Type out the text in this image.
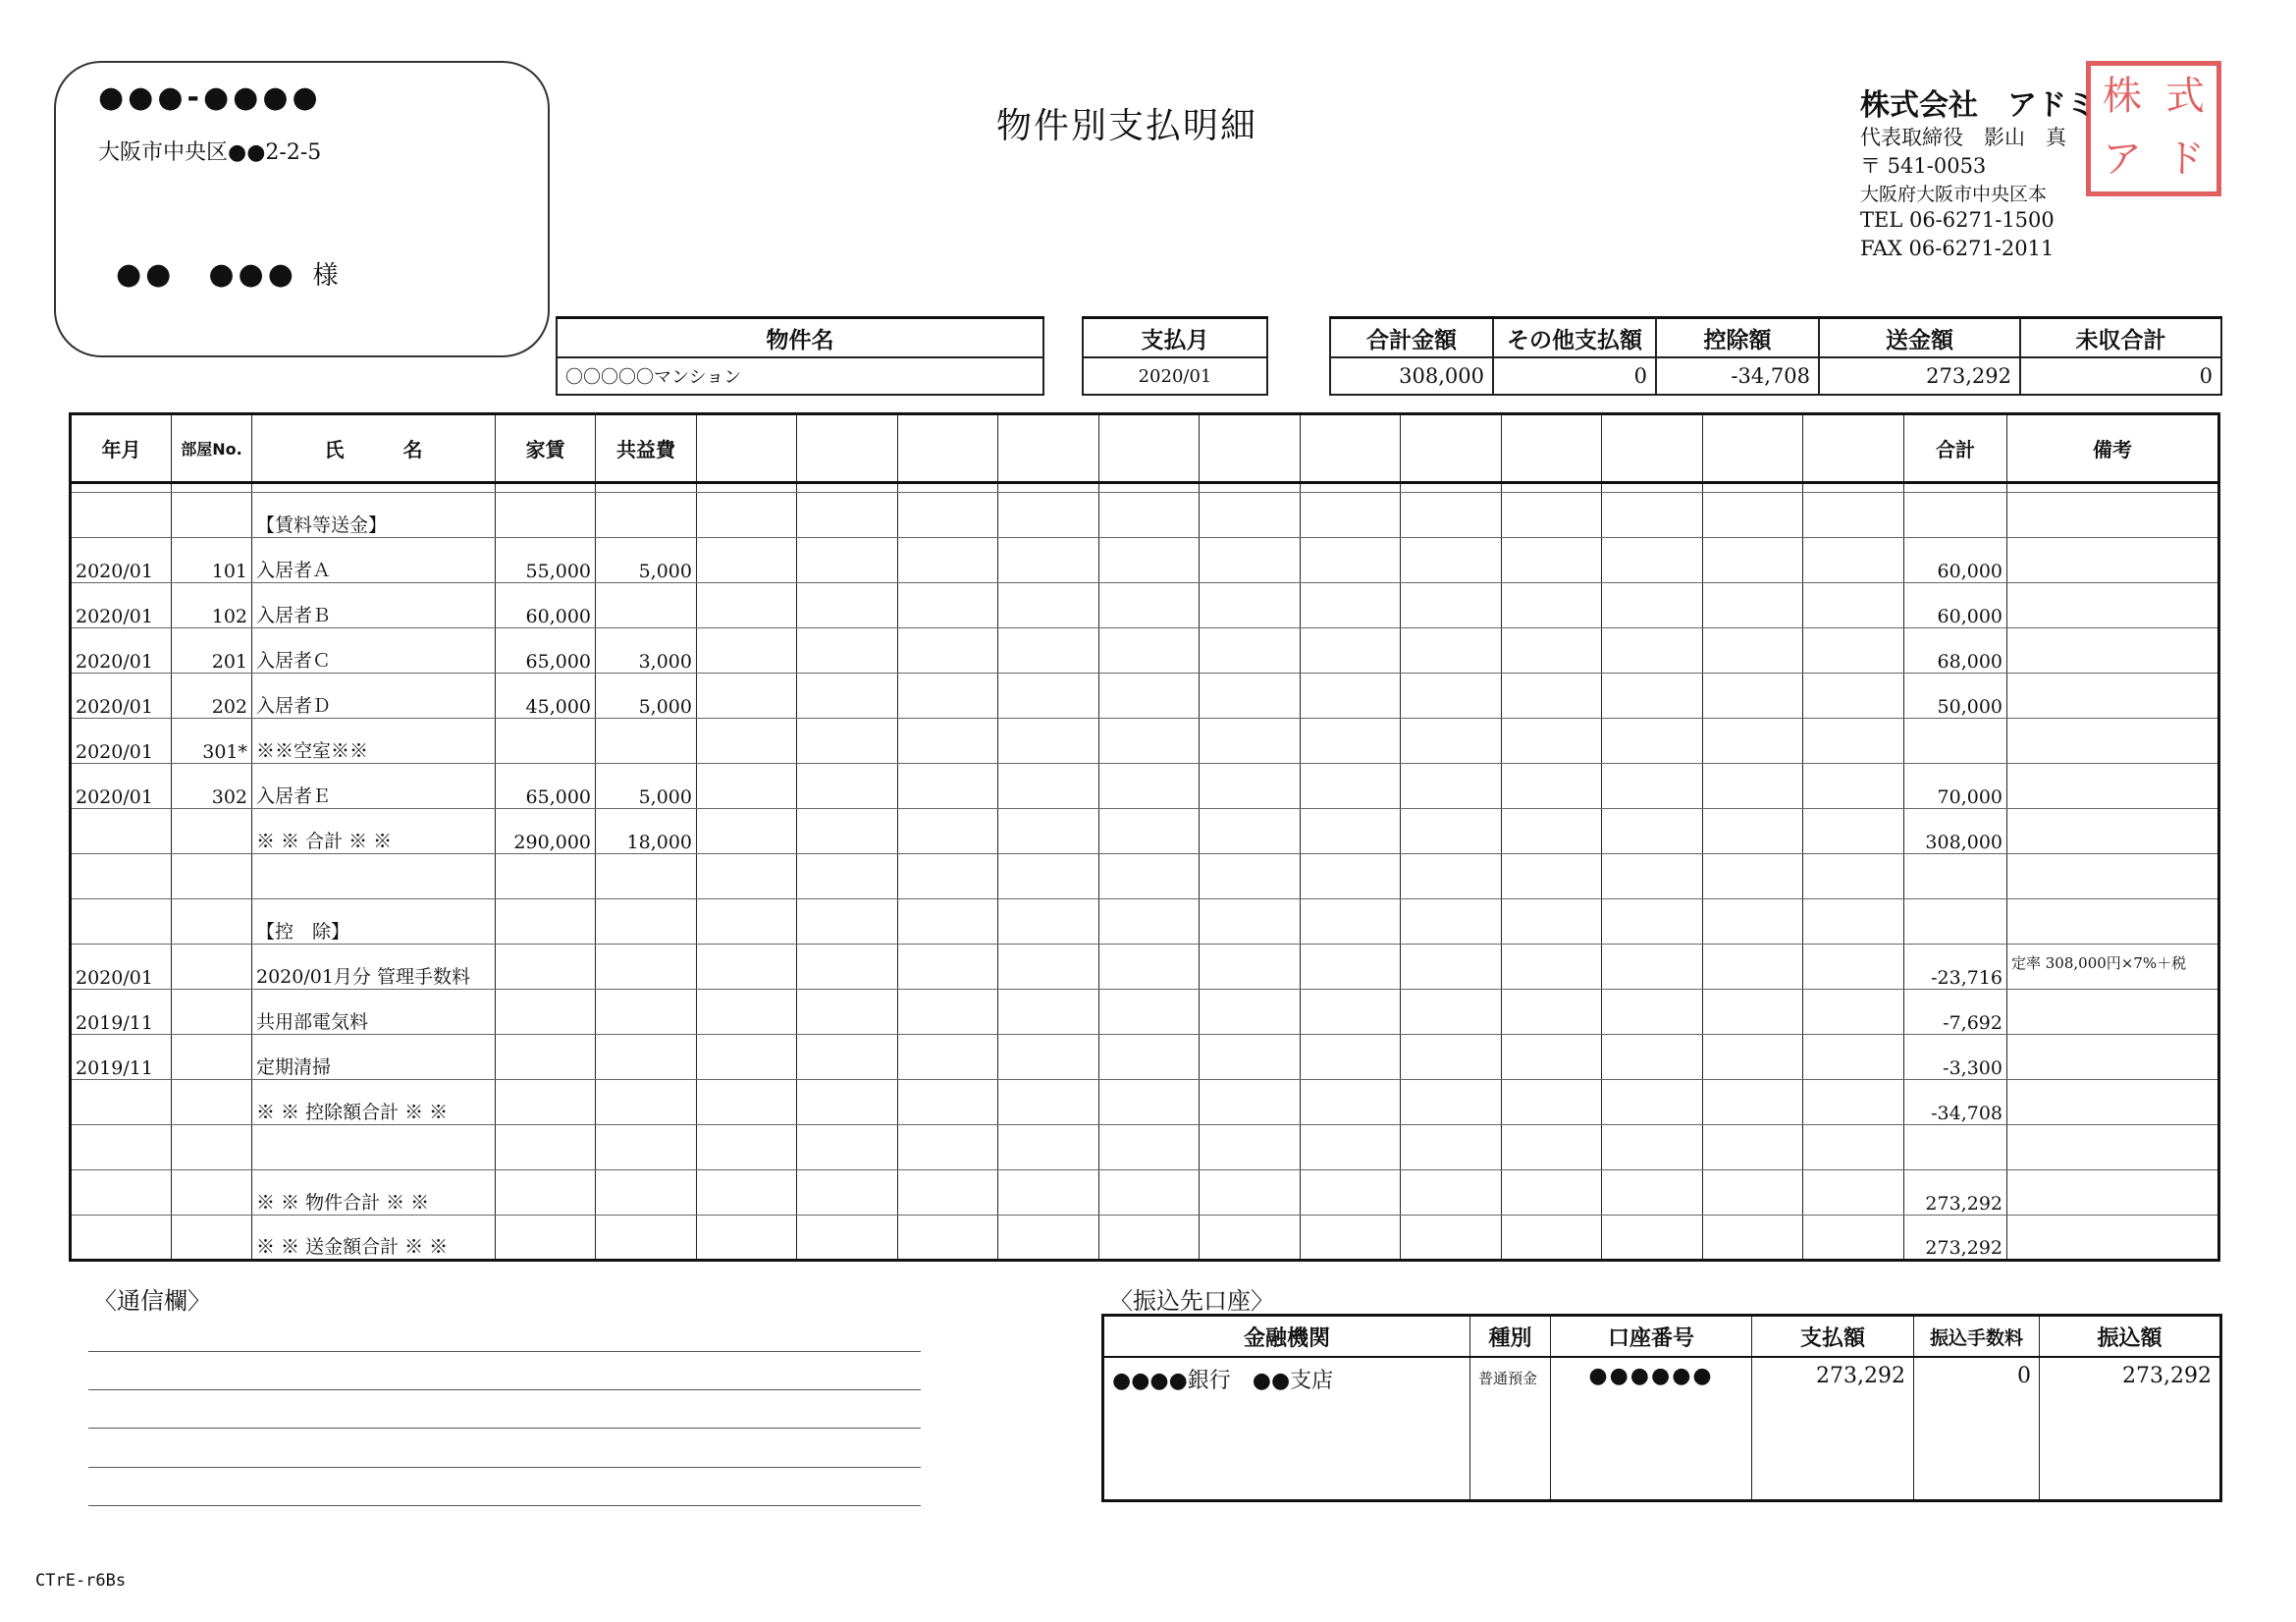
●●●-●●●●
大阪市中央区●●2-2-5
●●　●●● 様
物件別支払明細
株式会社　アドミ
代表取締役　影山　真
〒 541-0053
大阪府大阪市中央区本
TEL 06-6271-1500
FAX 06-6271-2011
株 式
ア ド
物件名
〇〇〇〇〇マンション
支払月
2020/01
合計金額	その他支払額	控除額	送金額	未収合計
308,000	0	-34,708	273,292	0
年月	部屋No.	氏　　　名	家賃	共益費													合計	備考

		【賃料等送金】																
2020/01	101	入居者Ａ	55,000	5,000													60,000	
2020/01	102	入居者Ｂ	60,000														60,000	
2020/01	201	入居者Ｃ	65,000	3,000													68,000	
2020/01	202	入居者Ｄ	45,000	5,000													50,000	
2020/01	301*	※※空室※※																
2020/01	302	入居者Ｅ	65,000	5,000													70,000	
		※ ※ 合計 ※ ※	290,000	18,000													308,000	

		【控　除】																
2020/01		2020/01月分 管理手数料															-23,716	定率 308,000円×7%＋税
2019/11		共用部電気料															-7,692	
2019/11		定期清掃															-3,300	
		※ ※ 控除額合計 ※ ※															-34,708	

		※ ※ 物件合計 ※ ※															273,292	
		※ ※ 送金額合計 ※ ※															273,292	
〈通信欄〉	〈振込先口座〉
金融機関	種別	口座番号	支払額	振込手数料	振込額
●●●●銀行　●●支店	普通預金	●●●●●●	273,292	0	273,292
CTrE-r6Bs
